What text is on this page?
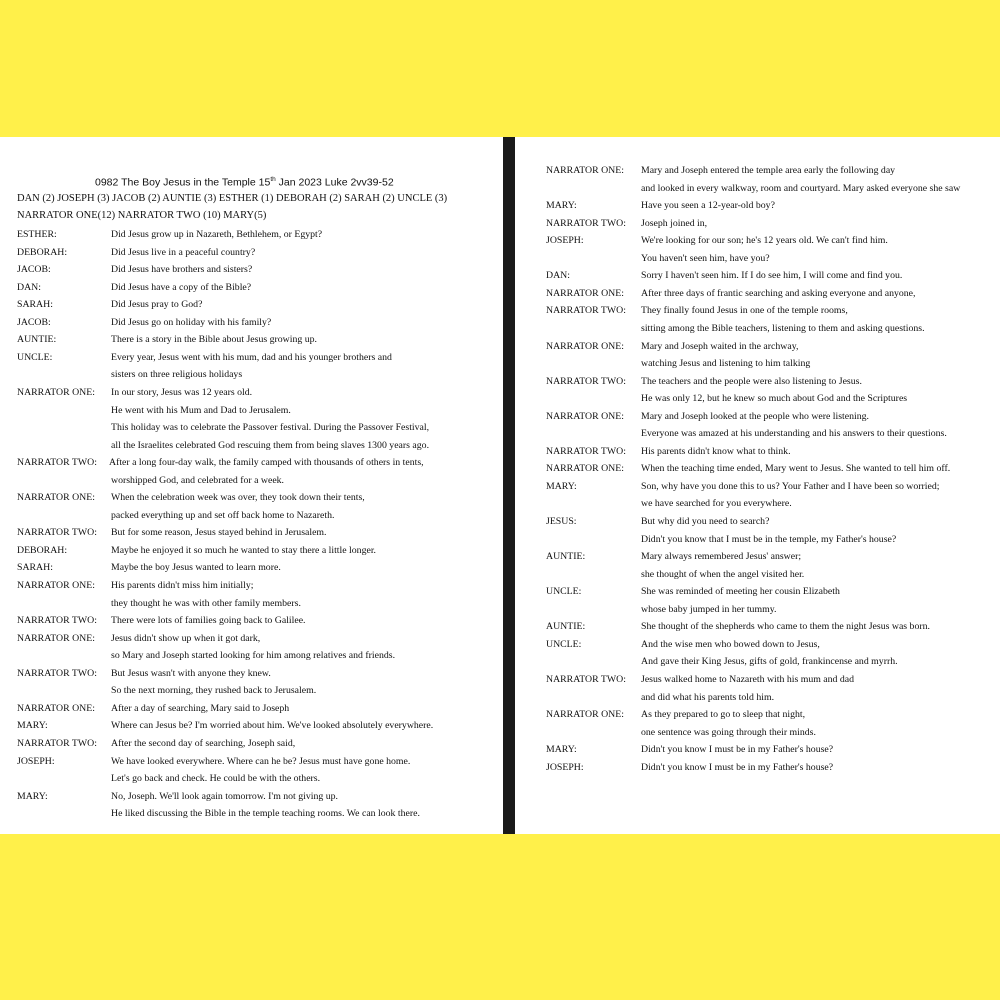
0982 The Boy Jesus in the Temple 15th Jan 2023 Luke 2vv39-52
DAN (2) JOSEPH (3) JACOB (2) AUNTIE (3) ESTHER (1) DEBORAH (2) SARAH (2) UNCLE (3)
NARRATOR ONE(12) NARRATOR TWO (10) MARY(5)
ESTHER:	Did Jesus grow up in Nazareth, Bethlehem, or Egypt?
DEBORAH:	Did Jesus live in a peaceful country?
JACOB:	Did Jesus have brothers and sisters?
DAN:	Did Jesus have a copy of the Bible?
SARAH:	Did Jesus pray to God?
JACOB:	Did Jesus go on holiday with his family?
AUNTIE:	There is a story in the Bible about Jesus growing up.
UNCLE:	Every year, Jesus went with his mum, dad and his younger brothers and
sisters on three religious holidays
NARRATOR ONE: In our story, Jesus was 12 years old.
He went with his Mum and Dad to Jerusalem.
This holiday was to celebrate the Passover festival. During the Passover Festival,
all the Israelites celebrated God rescuing them from being slaves 1300 years ago.
NARRATOR TWO: After a long four-day walk, the family camped with thousands of others in tents,
worshipped God, and celebrated for a week.
NARRATOR ONE: When the celebration week was over, they took down their tents,
packed everything up and set off back home to Nazareth.
NARRATOR TWO: But for some reason, Jesus stayed behind in Jerusalem.
DEBORAH:	Maybe he enjoyed it so much he wanted to stay there a little longer.
SARAH:	Maybe the boy Jesus wanted to learn more.
NARRATOR ONE: His parents didn't miss him initially;
they thought he was with other family members.
NARRATOR TWO: There were lots of families going back to Galilee.
NARRATOR ONE: Jesus didn't show up when it got dark,
so Mary and Joseph started looking for him among relatives and friends.
NARRATOR TWO: But Jesus wasn't with anyone they knew.
So the next morning, they rushed back to Jerusalem.
NARRATOR ONE: After a day of searching, Mary said to Joseph
MARY:	Where can Jesus be? I'm worried about him. We've looked absolutely everywhere.
NARRATOR TWO: After the second day of searching, Joseph said,
JOSEPH:	We have looked everywhere. Where can he be? Jesus must have gone home.
Let's go back and check. He could be with the others.
MARY:	No, Joseph. We'll look again tomorrow. I'm not giving up.
He liked discussing the Bible in the temple teaching rooms. We can look there.
NARRATOR ONE: Mary and Joseph entered the temple area early the following day
and looked in every walkway, room and courtyard. Mary asked everyone she saw
MARY:	Have you seen a 12-year-old boy?
NARRATOR TWO: Joseph joined in,
JOSEPH:	We're looking for our son; he's 12 years old. We can't find him.
You haven't seen him, have you?
DAN:	Sorry I haven't seen him. If I do see him, I will come and find you.
NARRATOR ONE: After three days of frantic searching and asking everyone and anyone,
NARRATOR TWO: They finally found Jesus in one of the temple rooms,
sitting among the Bible teachers, listening to them and asking questions.
NARRATOR ONE: Mary and Joseph waited in the archway,
watching Jesus and listening to him talking
NARRATOR TWO: The teachers and the people were also listening to Jesus.
He was only 12, but he knew so much about God and the Scriptures
NARRATOR ONE: Mary and Joseph looked at the people who were listening.
Everyone was amazed at his understanding and his answers to their questions.
NARRATOR TWO: His parents didn't know what to think.
NARRATOR ONE: When the teaching time ended, Mary went to Jesus. She wanted to tell him off.
MARY:	Son, why have you done this to us? Your Father and I have been so worried;
we have searched for you everywhere.
JESUS:	But why did you need to search?
Didn't you know that I must be in the temple, my Father's house?
AUNTIE:	Mary always remembered Jesus' answer;
she thought of when the angel visited her.
UNCLE:	She was reminded of meeting her cousin Elizabeth
whose baby jumped in her tummy.
AUNTIE:	She thought of the shepherds who came to them the night Jesus was born.
UNCLE:	And the wise men who bowed down to Jesus,
And gave their King Jesus, gifts of gold, frankincense and myrrh.
NARRATOR TWO: Jesus walked home to Nazareth with his mum and dad
and did what his parents told him.
NARRATOR ONE: As they prepared to go to sleep that night,
one sentence was going through their minds.
MARY:	Didn't you know I must be in my Father's house?
JOSEPH:	Didn't you know I must be in my Father's house?
